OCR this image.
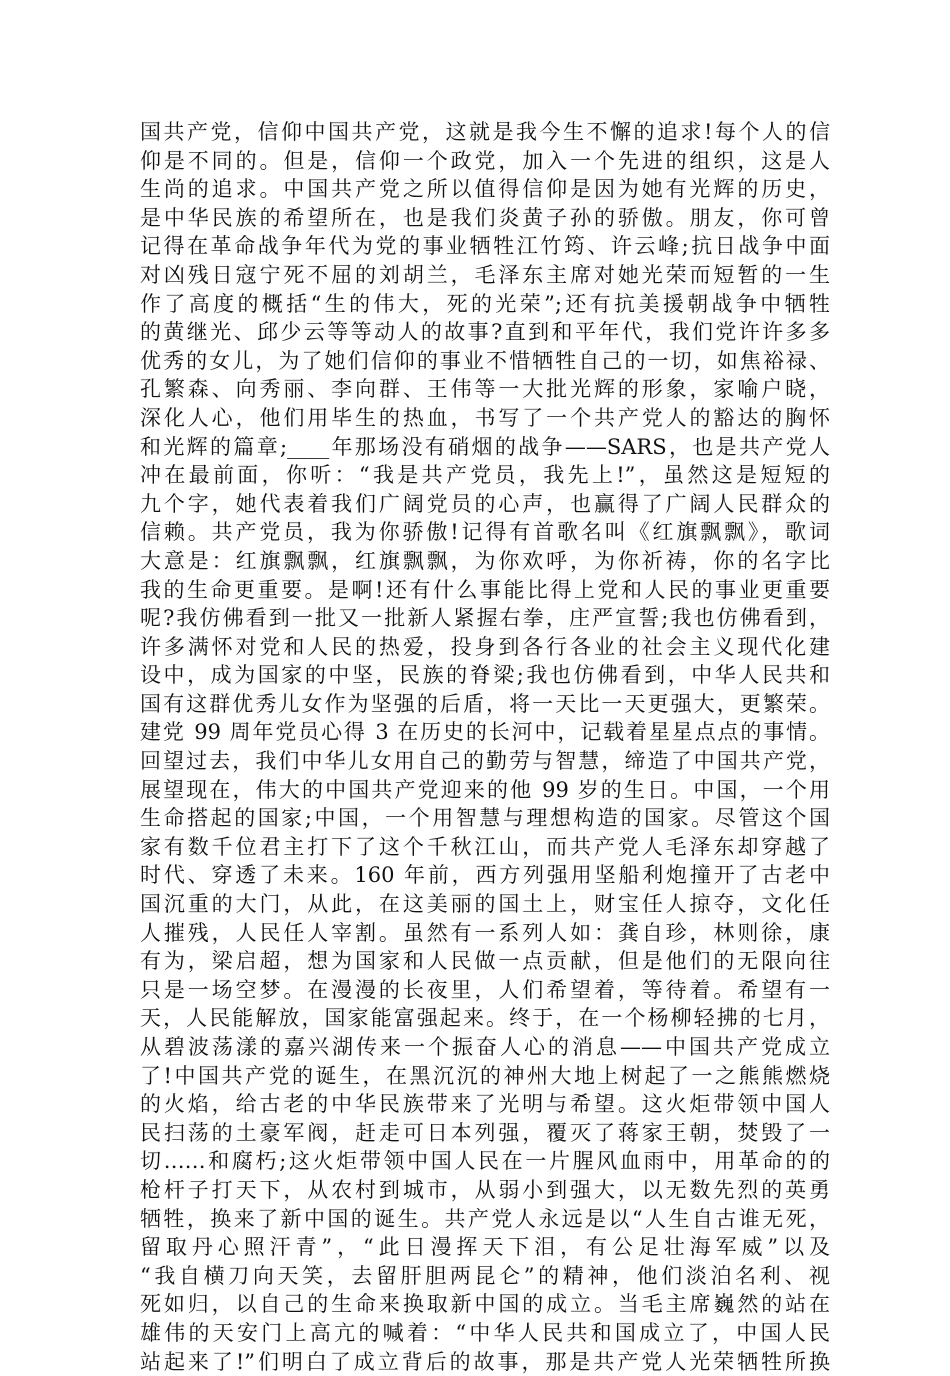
国共产党，信仰中国共产党，这就是我今生不懈的追求!每个人的信
仰是不同的。但是，信仰一个政党，加入一个先进的组织，这是人
生尚的追求。中国共产党之所以值得信仰是因为她有光辉的历史，
是中华民族的希望所在，也是我们炎黄子孙的骄傲。朋友，你可曾
记得在革命战争年代为党的事业牺牲江竹筠、许云峰;抗日战争中面
对凶残日寇宁死不屈的刘胡兰，毛泽东主席对她光荣而短暂的一生
作了高度的概括“生的伟大，死的光荣”;还有抗美援朝战争中牺牲
的黄继光、邱少云等等动人的故事?直到和平年代，我们党许许多多
优秀的女儿，为了她们信仰的事业不惜牺牲自己的一切，如焦裕禄、
孔繁森、向秀丽、李向群、王伟等一大批光辉的形象，家喻户晓，
深化人心，他们用毕生的热血，书写了一个共产党人的豁达的胸怀
和光辉的篇章;____年那场没有硝烟的战争——SARS，也是共产党人
冲在最前面，你听：“我是共产党员，我先上!”，虽然这是短短的
九个字，她代表着我们广阔党员的心声，也赢得了广阔人民群众的
信赖。共产党员，我为你骄傲!记得有首歌名叫《红旗飘飘》，歌词
大意是：红旗飘飘，红旗飘飘，为你欢呼，为你祈祷，你的名字比
我的生命更重要。是啊!还有什么事能比得上党和人民的事业更重要
呢?我仿佛看到一批又一批新人紧握右拳，庄严宣誓;我也仿佛看到，
许多满怀对党和人民的热爱，投身到各行各业的社会主义现代化建
设中，成为国家的中坚，民族的脊梁;我也仿佛看到，中华人民共和
国有这群优秀儿女作为坚强的后盾，将一天比一天更强大，更繁荣。
建党 99 周年党员心得 3 在历史的长河中，记载着星星点点的事情。
回望过去，我们中华儿女用自己的勤劳与智慧，缔造了中国共产党，
展望现在，伟大的中国共产党迎来的他 99 岁的生日。中国，一个用
生命搭起的国家;中国，一个用智慧与理想构造的国家。尽管这个国
家有数千位君主打下了这个千秋江山，而共产党人毛泽东却穿越了
时代、穿透了未来。160 年前，西方列强用坚船利炮撞开了古老中
国沉重的大门，从此，在这美丽的国土上，财宝任人掠夺，文化任
人摧残，人民任人宰割。虽然有一系列人如：龚自珍，林则徐，康
有为，梁启超，想为国家和人民做一点贡献，但是他们的无限向往
只是一场空梦。在漫漫的长夜里，人们希望着，等待着。希望有一
天，人民能解放，国家能富强起来。终于，在一个杨柳轻拂的七月，
从碧波荡漾的嘉兴湖传来一个振奋人心的消息——中国共产党成立
了!中国共产党的诞生，在黑沉沉的神州大地上树起了一之熊熊燃烧
的火焰，给古老的中华民族带来了光明与希望。这火炬带领中国人
民扫荡的土豪军阀，赶走可日本列强，覆灭了蒋家王朝，焚毁了一
切……和腐朽;这火炬带领中国人民在一片腥风血雨中，用革命的的
枪杆子打天下，从农村到城市，从弱小到强大，以无数先烈的英勇
牺牲，换来了新中国的诞生。共产党人永远是以“人生自古谁无死，
留取丹心照汗青”，“此日漫挥天下泪，有公足壮海军威”以及
“我自横刀向天笑，去留肝胆两昆仑”的精神，他们淡泊名利、视
死如归，以自己的生命来换取新中国的成立。当毛主席巍然的站在
雄伟的天安门上高亢的喊着：“中华人民共和国成立了，中国人民
站起来了!”们明白了成立背后的故事，那是共产党人光荣牺牲所换
